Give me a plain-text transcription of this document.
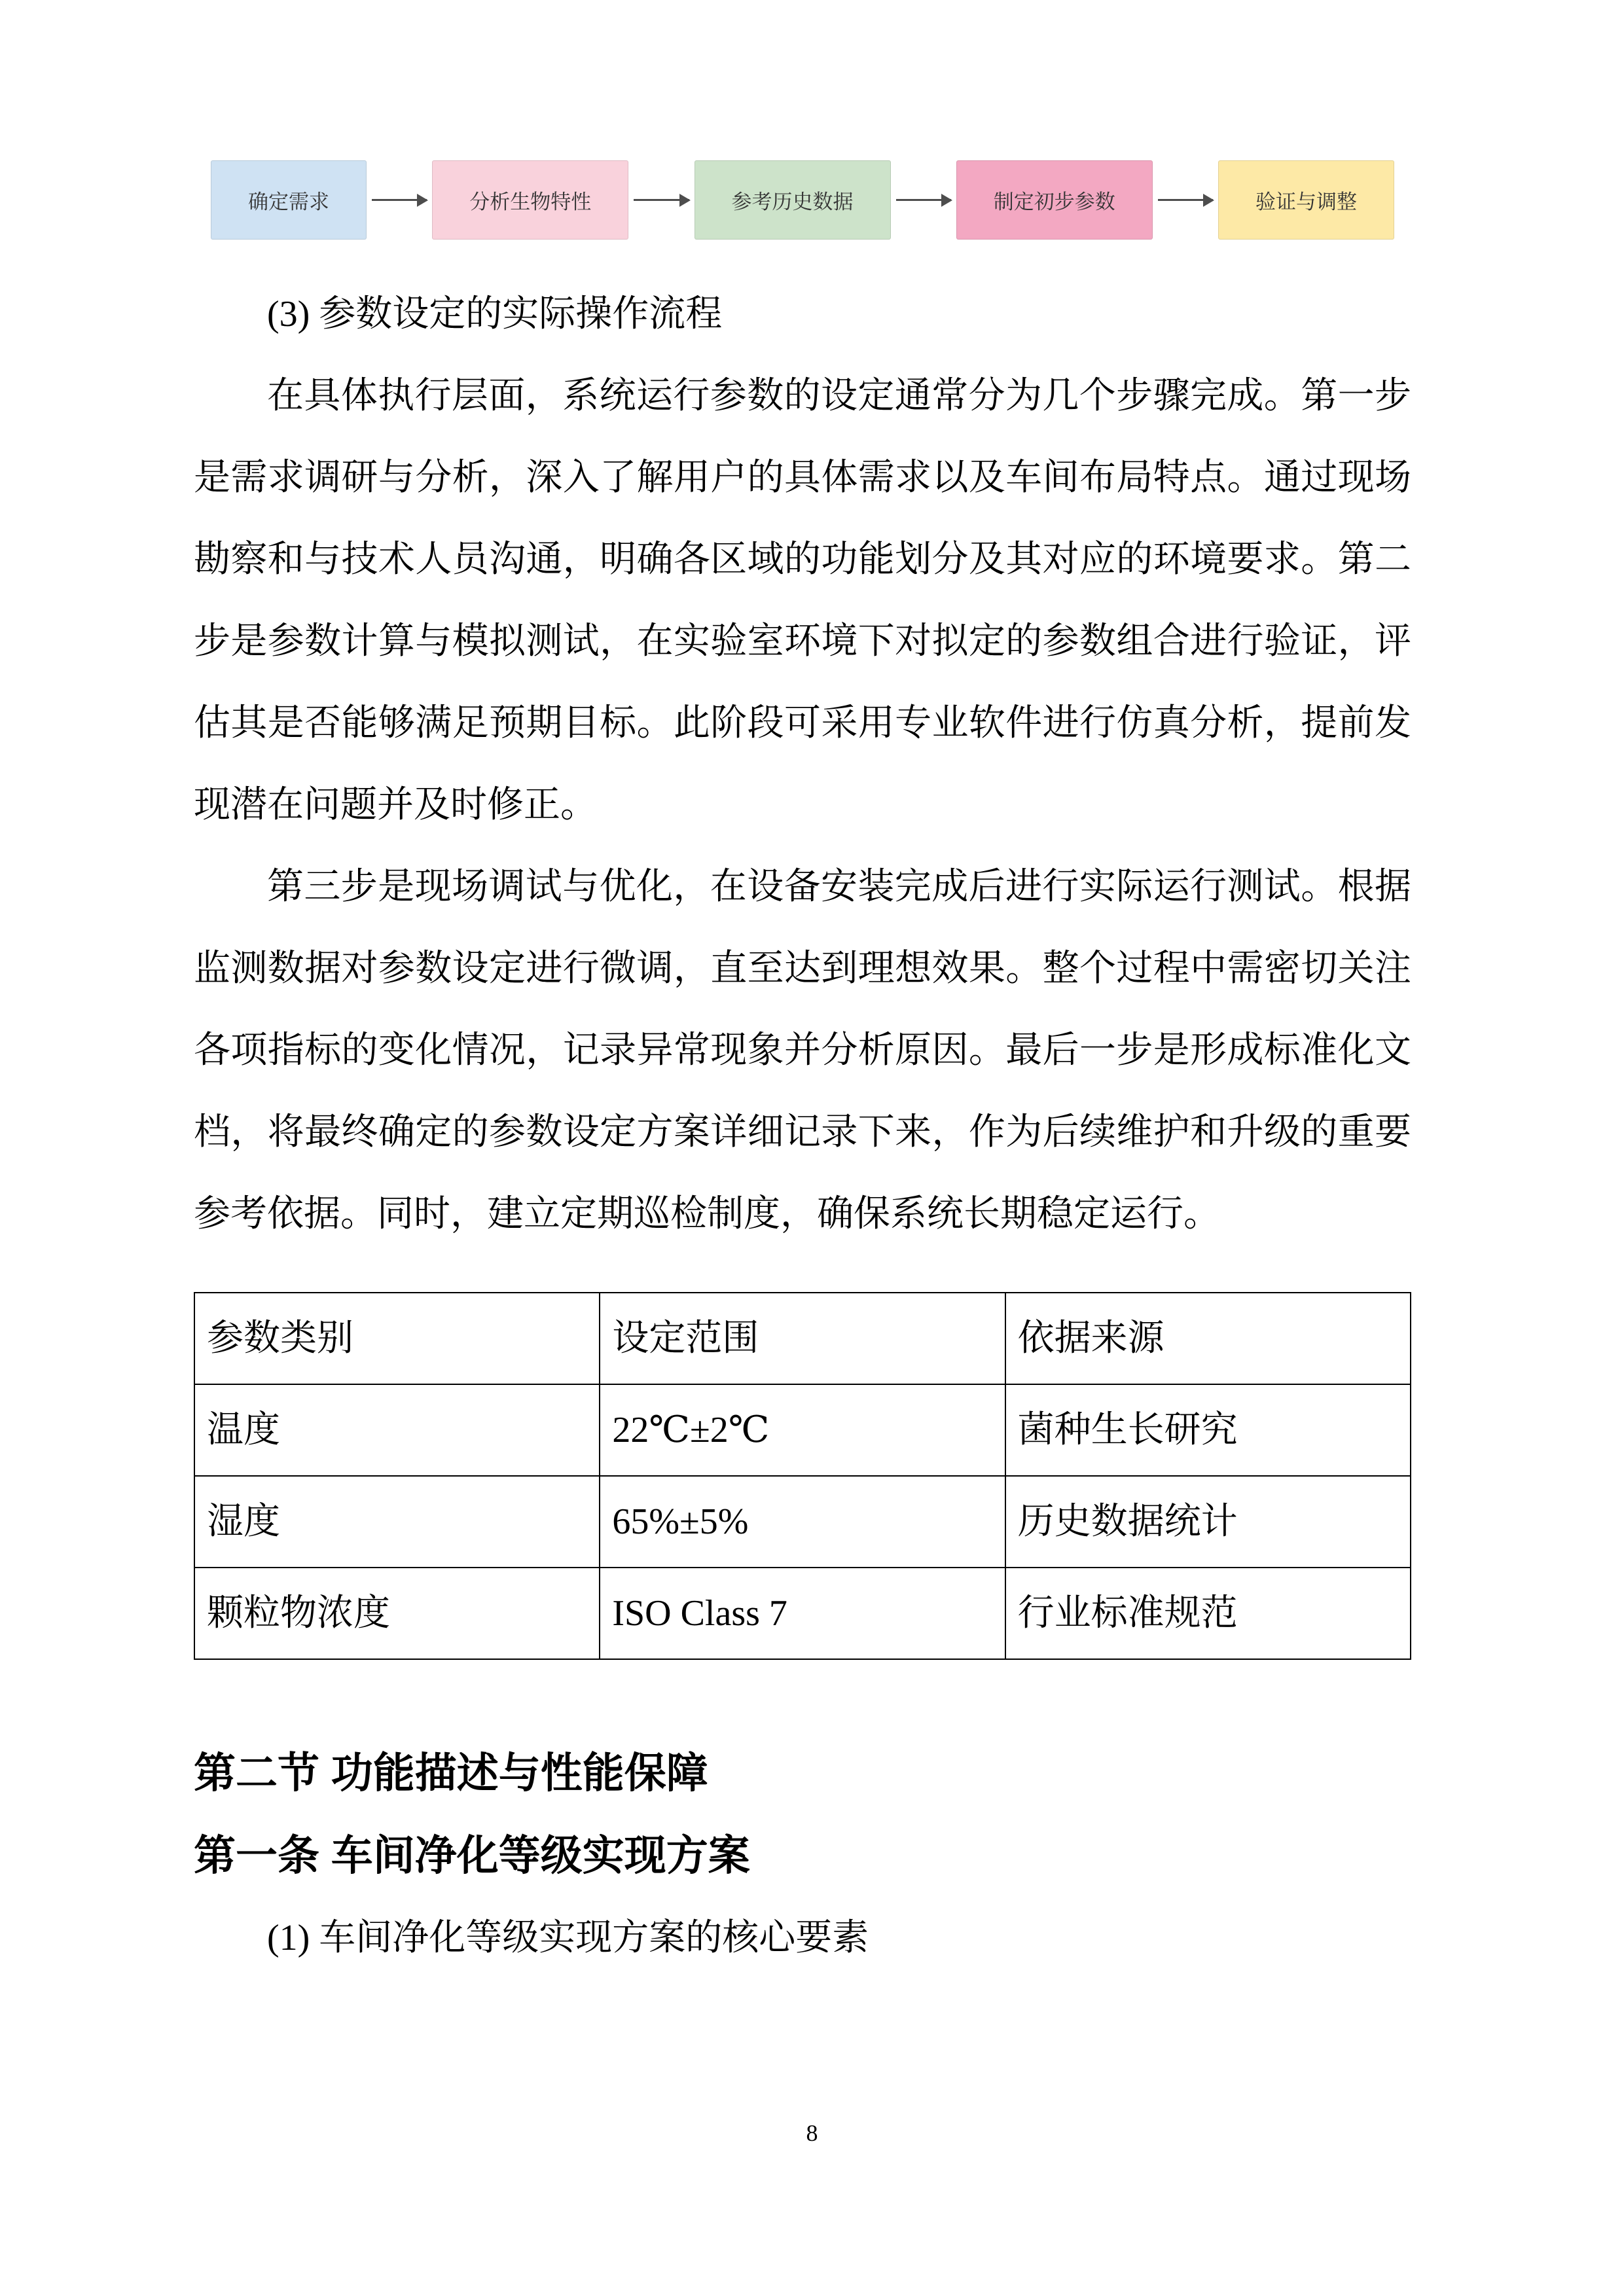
确定需求	分析生物特性	参考历史数据	制定初步参数	验证与调整

(3) 参数设定的实际操作流程

在具体执行层面，系统运行参数的设定通常分为几个步骤完成。第一步是需求调研与分析，深入了解用户的具体需求以及车间布局特点。通过现场勘察和与技术人员沟通，明确各区域的功能划分及其对应的环境要求。第二步是参数计算与模拟测试，在实验室环境下对拟定的参数组合进行验证，评估其是否能够满足预期目标。此阶段可采用专业软件进行仿真分析，提前发现潜在问题并及时修正。

第三步是现场调试与优化，在设备安装完成后进行实际运行测试。根据监测数据对参数设定进行微调，直至达到理想效果。整个过程中需密切关注各项指标的变化情况，记录异常现象并分析原因。最后一步是形成标准化文档，将最终确定的参数设定方案详细记录下来，作为后续维护和升级的重要参考依据。同时，建立定期巡检制度，确保系统长期稳定运行。

参数类别	设定范围	依据来源
温度	22℃±2℃	菌种生长研究
湿度	65%±5%	历史数据统计
颗粒物浓度	ISO Class 7	行业标准规范
第二节 功能描述与性能保障
第一条 车间净化等级实现方案

(1) 车间净化等级实现方案的核心要素

8
